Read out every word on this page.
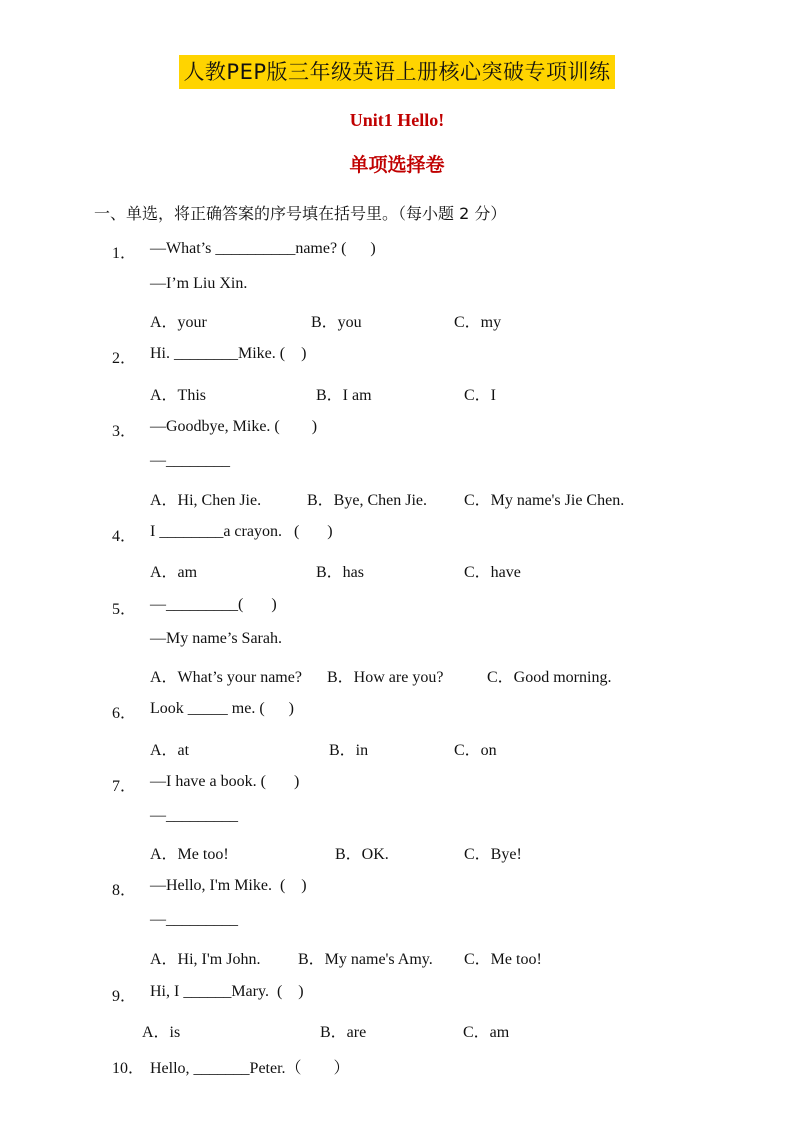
人教PEP版三年级英语上册核心突破专项训练
Unit1 Hello!
单项选择卷
一、单选，将正确答案的序号填在括号里。（每小题 2 分）
1． —What’s __________name? (      )
—I’m Liu Xin.
A．your	B．you	C．my
2． Hi. ________Mike. (    )
A．This	B．I am	C．I
3． —Goodbye, Mike. (        )
—________
A．Hi, Chen Jie.	B．Bye, Chen Jie. C．My name's Jie Chen.
4． I ________a crayon.   (       )
A．am	B．has	C．have
5． —_________(       )
—My name’s Sarah.
A．What’s your name? B．How are you?	C．Good morning.
6． Look _____ me. (      )
A．at	B．in	C．on
7． —I have a book. (       )
—_________
A．Me too!	B．OK.	C．Bye!
8． —Hello, I'm Mike.  (    )
—_________
A．Hi, I'm John. B．My name's Amy. C．Me too!
9． Hi, I ______Mary.  (    )
A．is	B．are	C．am
10． Hello, _______Peter.（        ）
